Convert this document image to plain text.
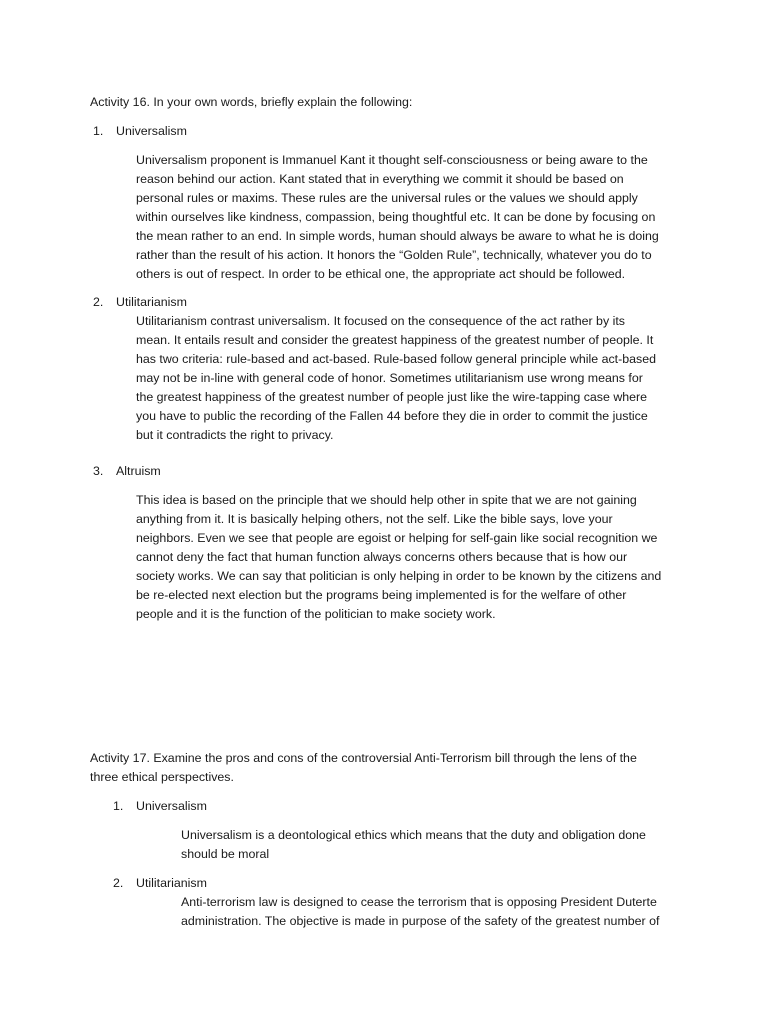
Activity 16. In your own words, briefly explain the following:
1. Universalism
Universalism proponent is Immanuel Kant it thought self-consciousness or being aware to the
reason behind our action. Kant stated that in everything we commit it should be based on
personal rules or maxims. These rules are the universal rules or the values we should apply
within ourselves like kindness, compassion, being thoughtful etc. It can be done by focusing on
the mean rather to an end. In simple words, human should always be aware to what he is doing
rather than the result of his action. It honors the “Golden Rule”, technically, whatever you do to
others is out of respect. In order to be ethical one, the appropriate act should be followed.
2. Utilitarianism
Utilitarianism contrast universalism. It focused on the consequence of the act rather by its
mean. It entails result and consider the greatest happiness of the greatest number of people. It
has two criteria: rule-based and act-based. Rule-based follow general principle while act-based
may not be in-line with general code of honor. Sometimes utilitarianism use wrong means for
the greatest happiness of the greatest number of people just like the wire-tapping case where
you have to public the recording of the Fallen 44 before they die in order to commit the justice
but it contradicts the right to privacy.
3. Altruism
This idea is based on the principle that we should help other in spite that we are not gaining
anything from it. It is basically helping others, not the self. Like the bible says, love your
neighbors. Even we see that people are egoist or helping for self-gain like social recognition we
cannot deny the fact that human function always concerns others because that is how our
society works. We can say that politician is only helping in order to be known by the citizens and
be re-elected next election but the programs being implemented is for the welfare of other
people and it is the function of the politician to make society work.
Activity 17. Examine the pros and cons of the controversial Anti-Terrorism bill through the lens of the
three ethical perspectives.
1. Universalism
Universalism is a deontological ethics which means that the duty and obligation done
should be moral
2. Utilitarianism
Anti-terrorism law is designed to cease the terrorism that is opposing President Duterte
administration. The objective is made in purpose of the safety of the greatest number of
